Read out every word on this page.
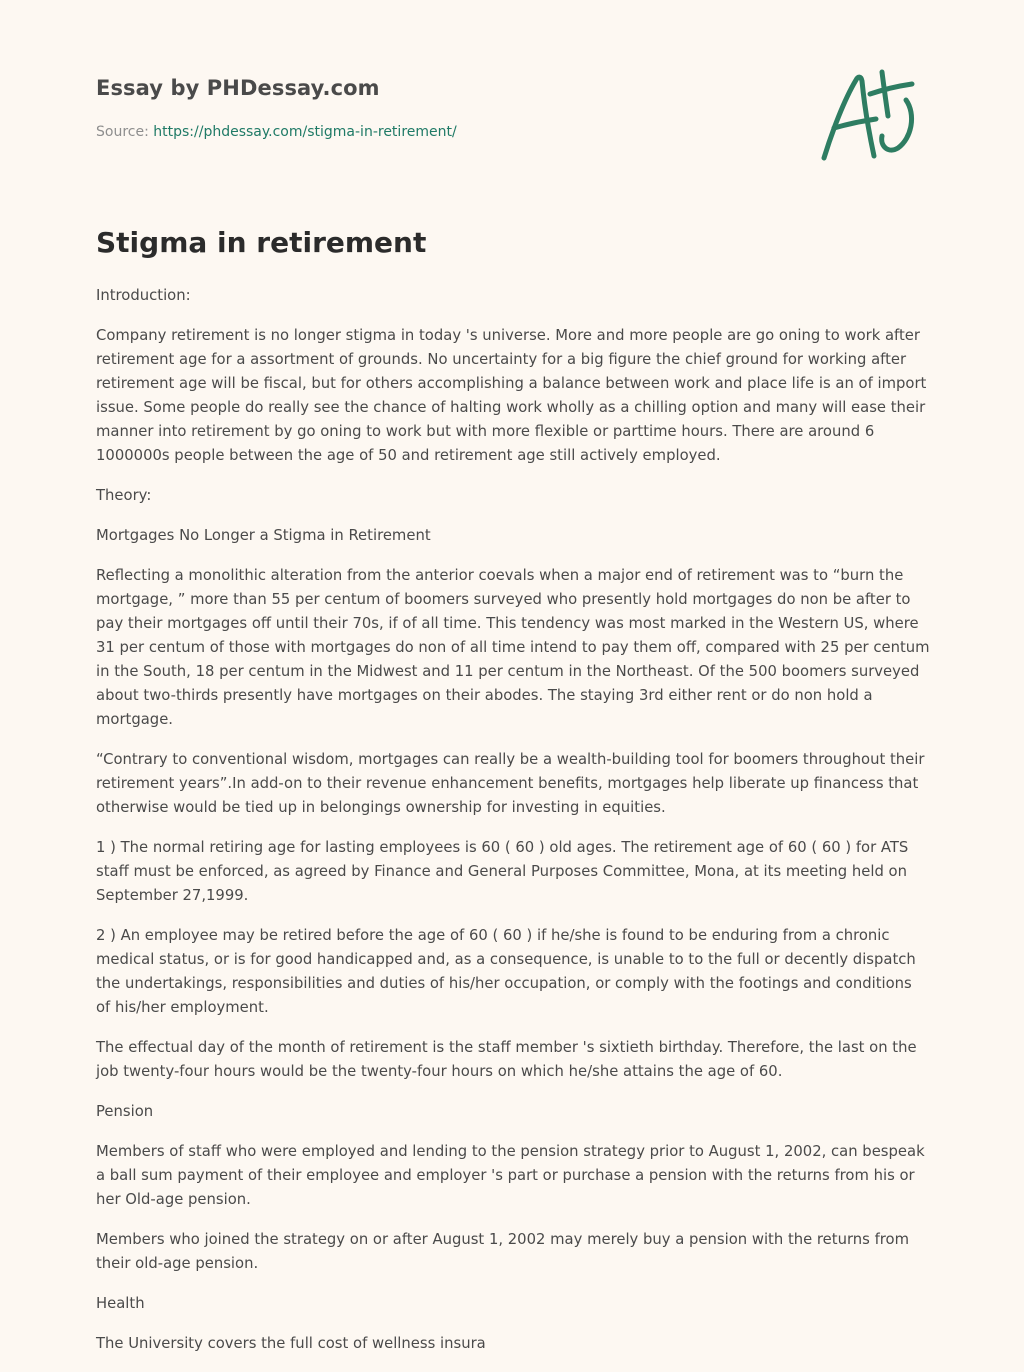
Essay by PHDessay.com
Source: https://phdessay.com/stigma-in-retirement/
Stigma in retirement

Introduction:

Company retirement is no longer stigma in today 's universe. More and more people are go oning to work after retirement age for a assortment of grounds. No uncertainty for a big figure the chief ground for working after retirement age will be fiscal, but for others accomplishing a balance between work and place life is an of import issue. Some people do really see the chance of halting work wholly as a chilling option and many will ease their manner into retirement by go oning to work but with more flexible or parttime hours. There are around 6 1000000s people between the age of 50 and retirement age still actively employed.

Theory:

Mortgages No Longer a Stigma in Retirement

Reflecting a monolithic alteration from the anterior coevals when a major end of retirement was to “burn the mortgage, ” more than 55 per centum of boomers surveyed who presently hold mortgages do non be after to pay their mortgages off until their 70s, if of all time. This tendency was most marked in the Western US, where 31 per centum of those with mortgages do non of all time intend to pay them off, compared with 25 per centum in the South, 18 per centum in the Midwest and 11 per centum in the Northeast. Of the 500 boomers surveyed about two-thirds presently have mortgages on their abodes. The staying 3rd either rent or do non hold a mortgage.

“Contrary to conventional wisdom, mortgages can really be a wealth-building tool for boomers throughout their retirement years”.In add-on to their revenue enhancement benefits, mortgages help liberate up financess that otherwise would be tied up in belongings ownership for investing in equities.

1 ) The normal retiring age for lasting employees is 60 ( 60 ) old ages. The retirement age of 60 ( 60 ) for ATS staff must be enforced, as agreed by Finance and General Purposes Committee, Mona, at its meeting held on September 27,1999.

2 ) An employee may be retired before the age of 60 ( 60 ) if he/she is found to be enduring from a chronic medical status, or is for good handicapped and, as a consequence, is unable to to the full or decently dispatch the undertakings, responsibilities and duties of his/her occupation, or comply with the footings and conditions of his/her employment.

The effectual day of the month of retirement is the staff member 's sixtieth birthday. Therefore, the last on the job twenty-four hours would be the twenty-four hours on which he/she attains the age of 60.

Pension

Members of staff who were employed and lending to the pension strategy prior to August 1, 2002, can bespeak a ball sum payment of their employee and employer 's part or purchase a pension with the returns from his or her Old-age pension.

Members who joined the strategy on or after August 1, 2002 may merely buy a pension with the returns from their old-age pension.

Health

The University covers the full cost of wellness insura
